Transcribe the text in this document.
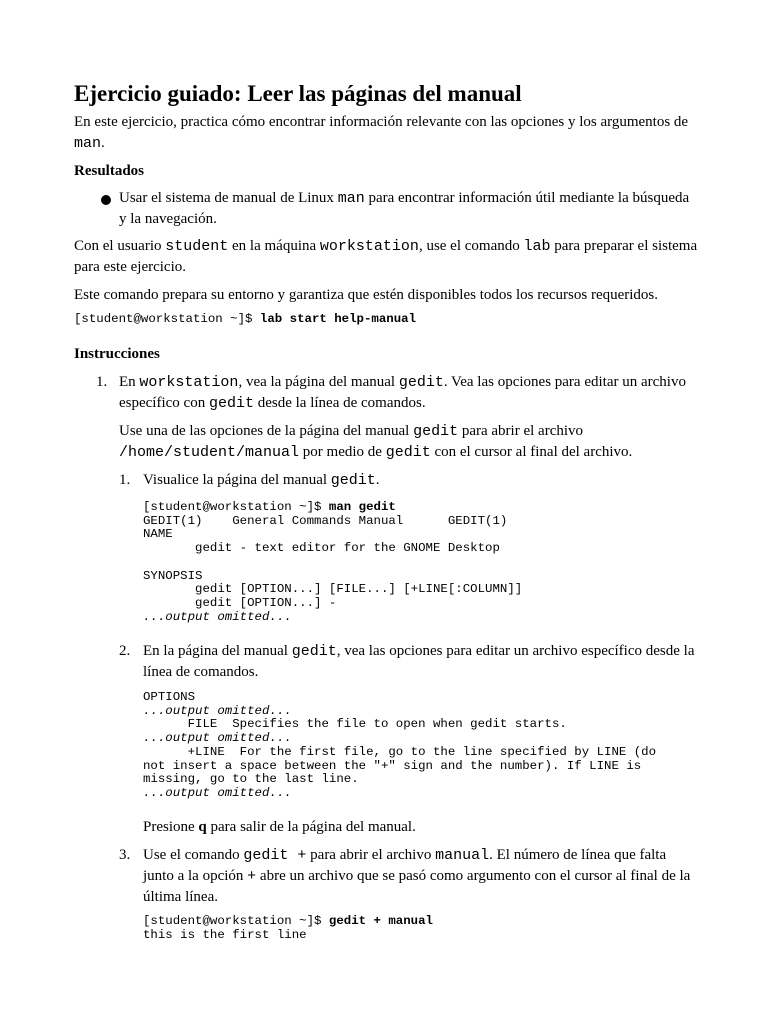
Ejercicio guiado: Leer las páginas del manual

En este ejercicio, practica cómo encontrar información relevante con las opciones y los argumentos de man.

Resultados

Usar el sistema de manual de Linux man para encontrar información útil mediante la búsqueda y la navegación.

Con el usuario student en la máquina workstation, use el comando lab para preparar el sistema para este ejercicio.

Este comando prepara su entorno y garantiza que estén disponibles todos los recursos requeridos.

[student@workstation ~]$ lab start help-manual

Instrucciones

1. En workstation, vea la página del manual gedit. Vea las opciones para editar un archivo específico con gedit desde la línea de comandos.

Use una de las opciones de la página del manual gedit para abrir el archivo /home/student/manual por medio de gedit con el cursor al final del archivo.

1. Visualice la página del manual gedit.

[student@workstation ~]$ man gedit
GEDIT(1)    General Commands Manual      GEDIT(1)
NAME
gedit - text editor for the GNOME Desktop

SYNOPSIS
gedit [OPTION...] [FILE...] [+LINE[:COLUMN]]
gedit [OPTION...] -
...output omitted...
2. En la página del manual gedit, vea las opciones para editar un archivo específico desde la línea de comandos.

OPTIONS
...output omitted...
FILE  Specifies the file to open when gedit starts.
...output omitted...
+LINE  For the first file, go to the line specified by LINE (do
not insert a space between the "+" sign and the number). If LINE is
missing, go to the last line.
...output omitted...

Presione q para salir de la página del manual.

3. Use el comando gedit + para abrir el archivo manual. El número de línea que falta junto a la opción + abre un archivo que se pasó como argumento con el cursor al final de la última línea.

[student@workstation ~]$ gedit + manual
this is the first line
